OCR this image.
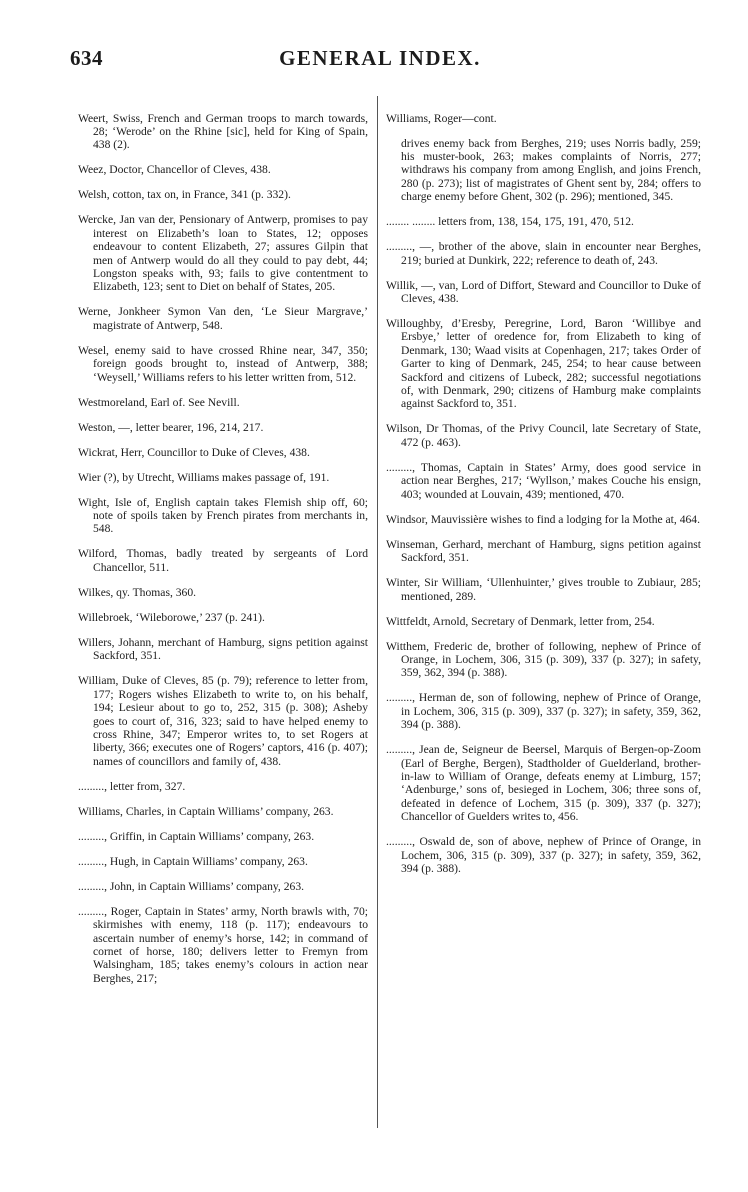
634	GENERAL INDEX.

Weert, Swiss, French and German troops to march towards, 28; ‘Werode’ on the Rhine [sic], held for King of Spain, 438 (2).

Weez, Doctor, Chancellor of Cleves, 438.

Welsh, cotton, tax on, in France, 341 (p. 332).

Wercke, Jan van der, Pensionary of Antwerp, promises to pay interest on Elizabeth’s loan to States, 12; opposes endeavour to content Elizabeth, 27; assures Gilpin that men of Antwerp would do all they could to pay debt, 44; Longston speaks with, 93; fails to give contentment to Elizabeth, 123; sent to Diet on behalf of States, 205.

Werne, Jonkheer Symon Van den, ‘Le Sieur Margrave,’ magistrate of Antwerp, 548.

Wesel, enemy said to have crossed Rhine near, 347, 350; foreign goods brought to, instead of Antwerp, 388; ‘Weysell,’ Williams refers to his letter written from, 512.

Westmoreland, Earl of. See Nevill.

Weston, —, letter bearer, 196, 214, 217.

Wickrat, Herr, Councillor to Duke of Cleves, 438.

Wier (?), by Utrecht, Williams makes passage of, 191.

Wight, Isle of, English captain takes Flemish ship off, 60; note of spoils taken by French pirates from merchants in, 548.

Wilford, Thomas, badly treated by sergeants of Lord Chancellor, 511.

Wilkes, qy. Thomas, 360.

Willebroek, ‘Wileborowe,’ 237 (p. 241).

Willers, Johann, merchant of Hamburg, signs petition against Sackford, 351.

William, Duke of Cleves, 85 (p. 79); reference to letter from, 177; Rogers wishes Elizabeth to write to, on his behalf, 194; Lesieur about to go to, 252, 315 (p. 308); Asheby goes to court of, 316, 323; said to have helped enemy to cross Rhine, 347; Emperor writes to, to set Rogers at liberty, 366; executes one of Rogers’ captors, 416 (p. 407); names of councillors and family of, 438.

........., letter from, 327.

Williams, Charles, in Captain Williams’ company, 263.

........., Griffin, in Captain Williams’ company, 263.

........., Hugh, in Captain Williams’ company, 263.

........., John, in Captain Williams’ company, 263.

........., Roger, Captain in States’ army, North brawls with, 70; skirmishes with enemy, 118 (p. 117); endeavours to ascertain number of enemy’s horse, 142; in command of cornet of horse, 180; delivers letter to Fremyn from Walsingham, 185; takes enemy’s colours in action near Berghes, 217;

Williams, Roger—cont.

drives enemy back from Berghes, 219; uses Norris badly, 259; his muster-book, 263; makes complaints of Norris, 277; withdraws his company from among English, and joins French, 280 (p. 273); list of magistrates of Ghent sent by, 284; offers to charge enemy before Ghent, 302 (p. 296); mentioned, 345.

........ ........ letters from, 138, 154, 175, 191, 470, 512.

........., —, brother of the above, slain in encounter near Berghes, 219; buried at Dunkirk, 222; reference to death of, 243.

Willik, —, van, Lord of Diffort, Steward and Councillor to Duke of Cleves, 438.

Willoughby, d’Eresby, Peregrine, Lord, Baron ‘Willibye and Ersbye,’ letter of oredence for, from Elizabeth to king of Denmark, 130; Waad visits at Copenhagen, 217; takes Order of Garter to king of Denmark, 245, 254; to hear cause between Sackford and citizens of Lubeck, 282; successful negotiations of, with Denmark, 290; citizens of Hamburg make complaints against Sackford to, 351.

Wilson, Dr Thomas, of the Privy Council, late Secretary of State, 472 (p. 463).

........., Thomas, Captain in States’ Army, does good service in action near Berghes, 217; ‘Wyllson,’ makes Couche his ensign, 403; wounded at Louvain, 439; mentioned, 470.

Windsor, Mauvissière wishes to find a lodging for la Mothe at, 464.

Winseman, Gerhard, merchant of Hamburg, signs petition against Sackford, 351.

Winter, Sir William, ‘Ullenhuinter,’ gives trouble to Zubiaur, 285; mentioned, 289.

Wittfeldt, Arnold, Secretary of Denmark, letter from, 254.

Witthem, Frederic de, brother of following, nephew of Prince of Orange, in Lochem, 306, 315 (p. 309), 337 (p. 327); in safety, 359, 362, 394 (p. 388).

........., Herman de, son of following, nephew of Prince of Orange, in Lochem, 306, 315 (p. 309), 337 (p. 327); in safety, 359, 362, 394 (p. 388).

........., Jean de, Seigneur de Beersel, Marquis of Bergen-op-Zoom (Earl of Berghe, Bergen), Stadtholder of Guelderland, brother-in-law to William of Orange, defeats enemy at Limburg, 157; ‘Adenburge,’ sons of, besieged in Lochem, 306; three sons of, defeated in defence of Lochem, 315 (p. 309), 337 (p. 327); Chancellor of Guelders writes to, 456.

........., Oswald de, son of above, nephew of Prince of Orange, in Lochem, 306, 315 (p. 309), 337 (p. 327); in safety, 359, 362, 394 (p. 388).
